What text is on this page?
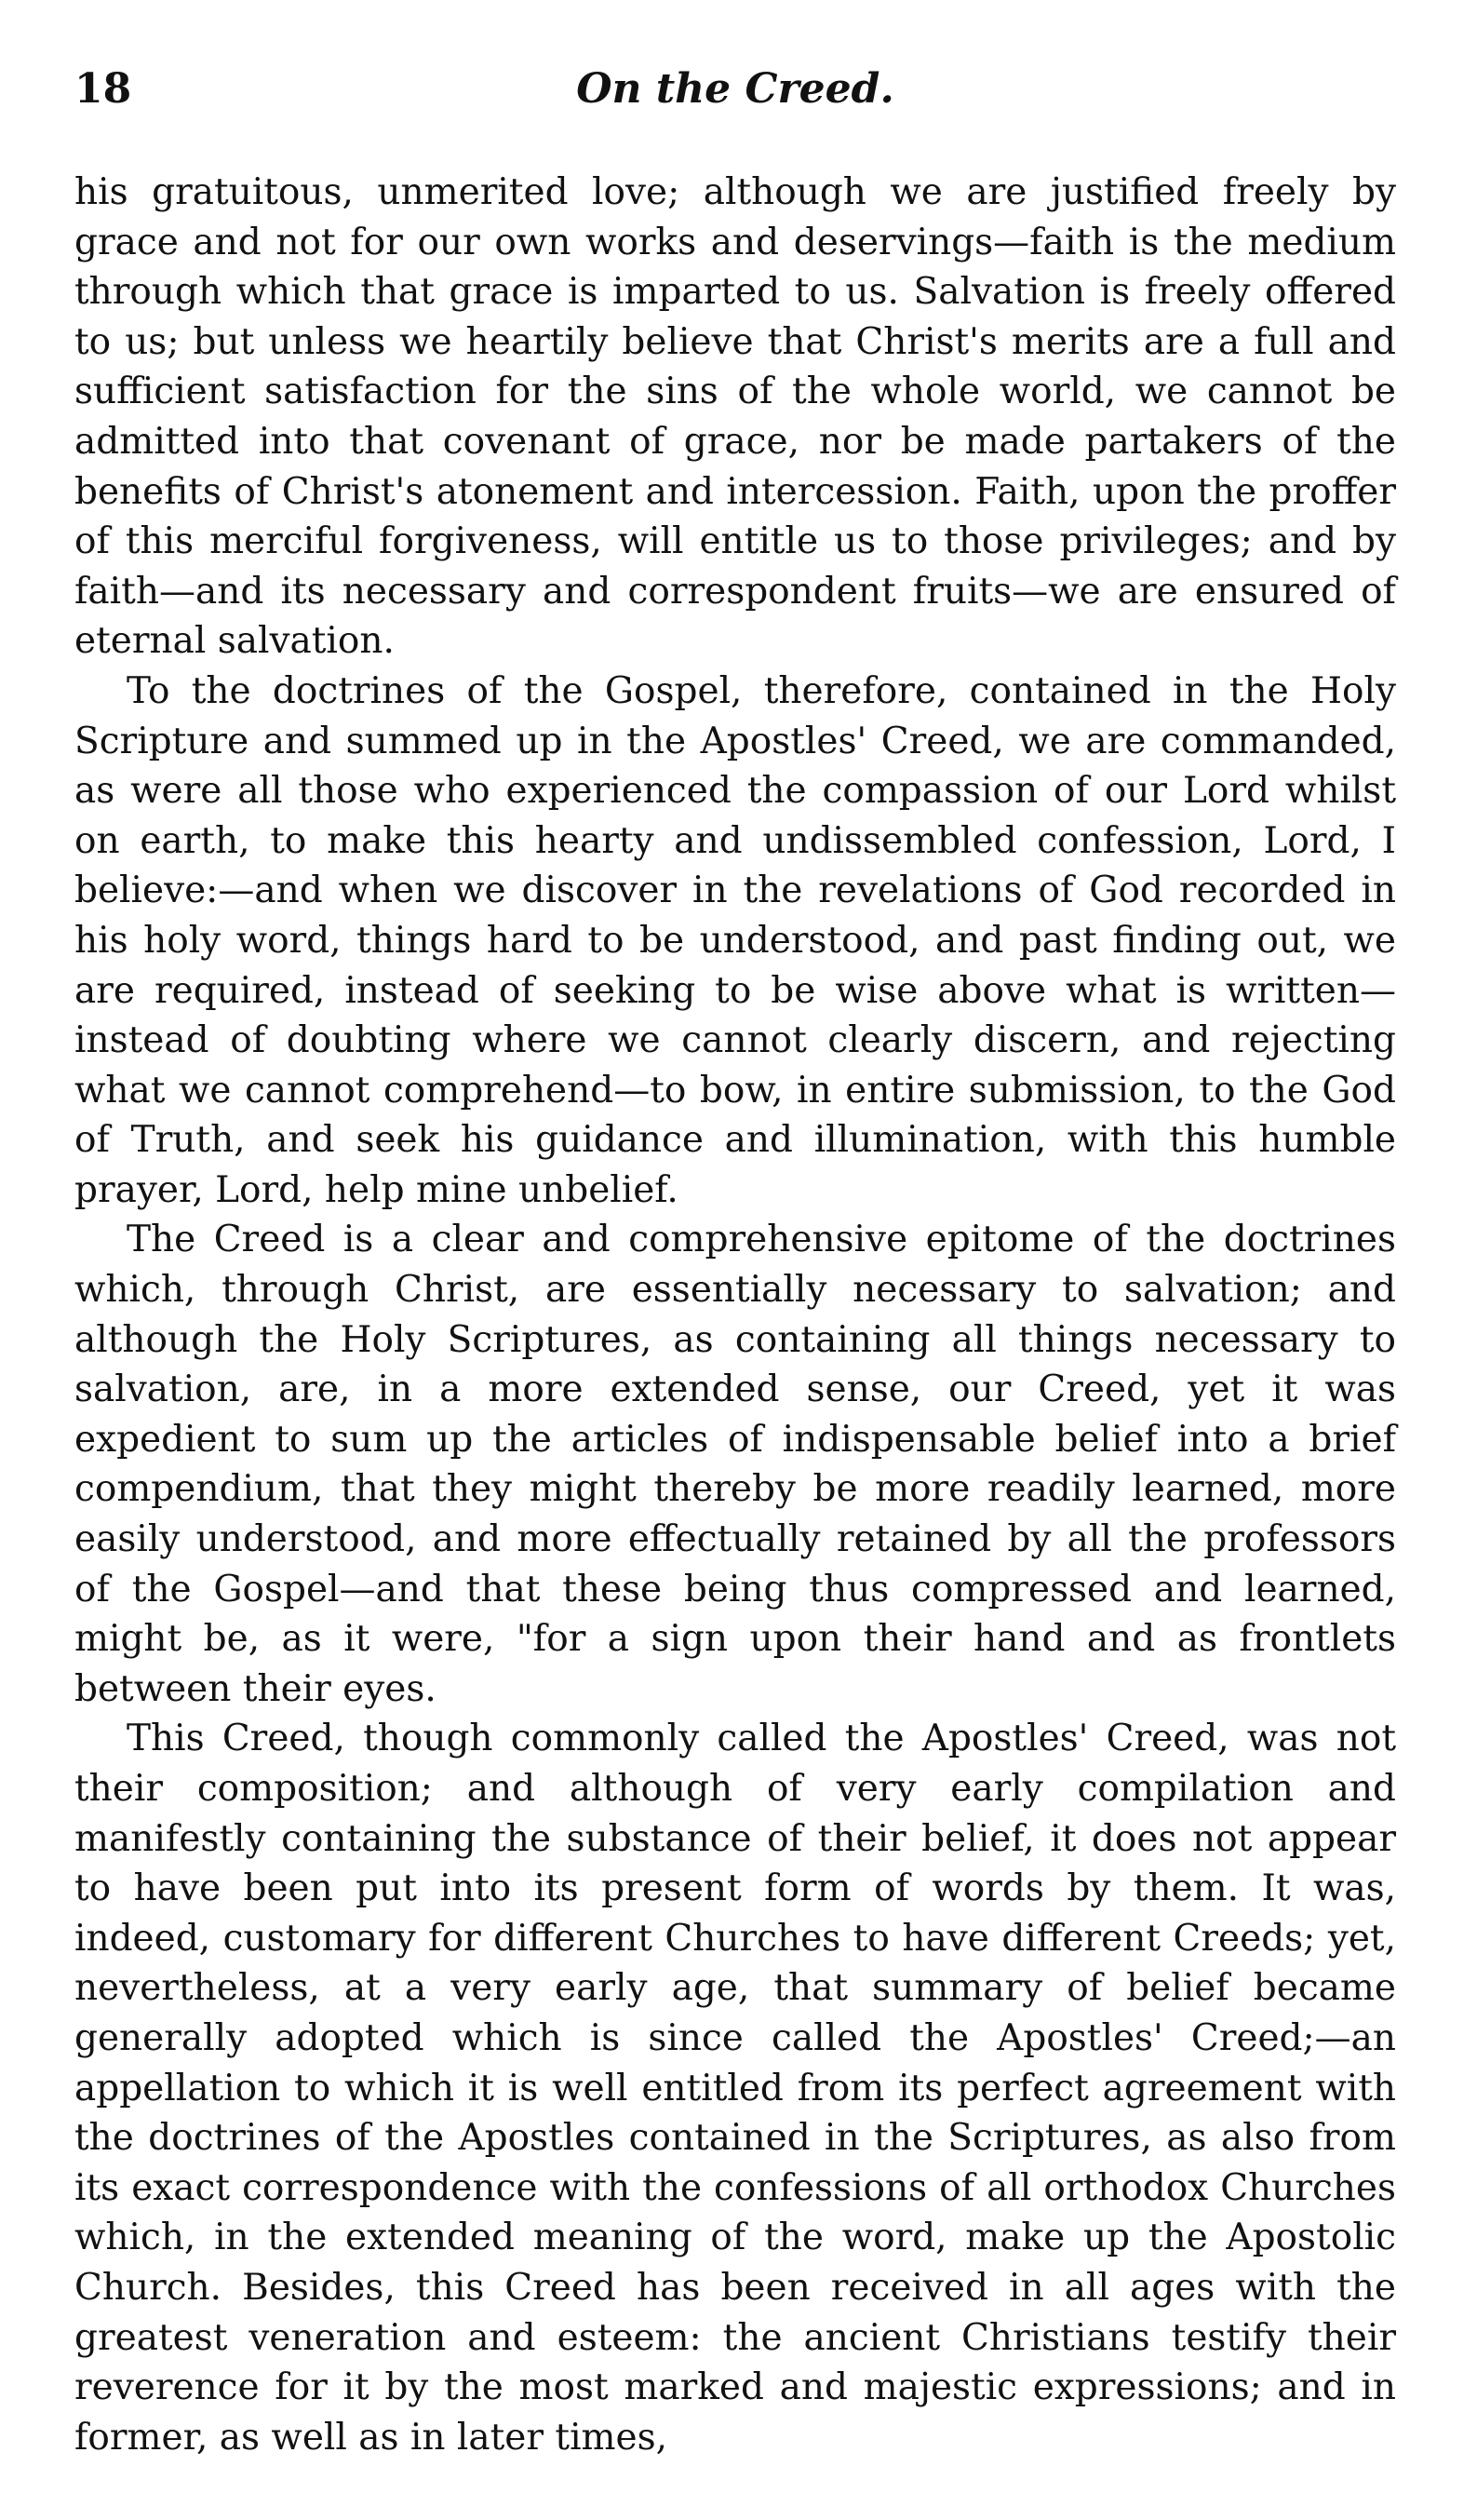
18	On the Creed.

his gratuitous, unmerited love; although we are justified freely by grace and not for our own works and deservings—faith is the medium through which that grace is imparted to us. Salvation is freely offered to us; but unless we heartily believe that Christ's merits are a full and sufficient satisfaction for the sins of the whole world, we cannot be admitted into that covenant of grace, nor be made partakers of the benefits of Christ's atonement and intercession. Faith, upon the proffer of this merciful forgiveness, will entitle us to those privileges; and by faith—and its necessary and correspondent fruits—we are ensured of eternal salvation.

To the doctrines of the Gospel, therefore, contained in the Holy Scripture and summed up in the Apostles' Creed, we are commanded, as were all those who experienced the compassion of our Lord whilst on earth, to make this hearty and undissembled confession, Lord, I believe:—and when we discover in the revelations of God recorded in his holy word, things hard to be understood, and past finding out, we are required, instead of seeking to be wise above what is written—instead of doubting where we cannot clearly discern, and rejecting what we cannot comprehend—to bow, in entire submission, to the God of Truth, and seek his guidance and illumination, with this humble prayer, Lord, help mine unbelief.

The Creed is a clear and comprehensive epitome of the doctrines which, through Christ, are essentially necessary to salvation; and although the Holy Scriptures, as containing all things necessary to salvation, are, in a more extended sense, our Creed, yet it was expedient to sum up the articles of indispensable belief into a brief compendium, that they might thereby be more readily learned, more easily understood, and more effectually retained by all the professors of the Gospel—and that these being thus compressed and learned, might be, as it were, "for a sign upon their hand and as frontlets between their eyes.

This Creed, though commonly called the Apostles' Creed, was not their composition; and although of very early compilation and manifestly containing the substance of their belief, it does not appear to have been put into its present form of words by them. It was, indeed, customary for different Churches to have different Creeds; yet, nevertheless, at a very early age, that summary of belief became generally adopted which is since called the Apostles' Creed;—an appellation to which it is well entitled from its perfect agreement with the doctrines of the Apostles contained in the Scriptures, as also from its exact correspondence with the confessions of all orthodox Churches which, in the extended meaning of the word, make up the Apostolic Church. Besides, this Creed has been received in all ages with the greatest veneration and esteem: the ancient Christians testify their reverence for it by the most marked and majestic expressions; and in former, as well as in later times,
